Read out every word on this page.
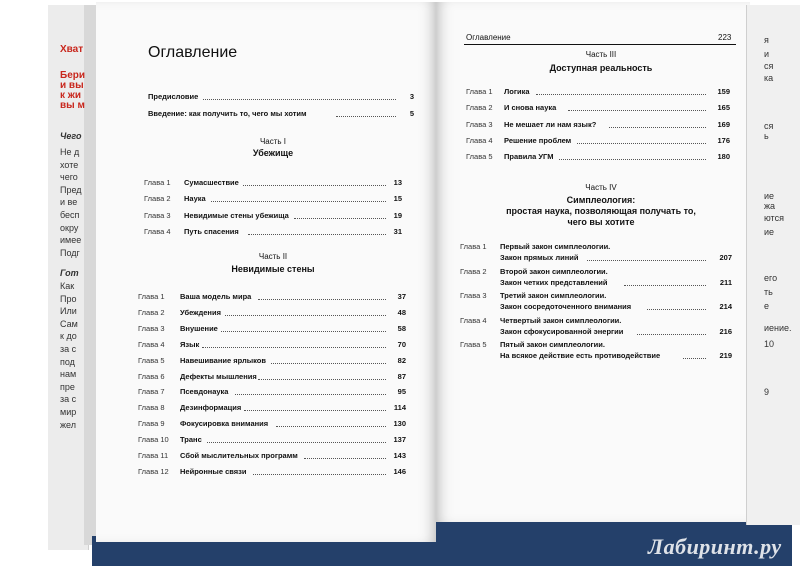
Лабиринт.ру
Хват
Бери
и вы
к жи
вы м
Чего
Не д
хоте
чего
Пред
и ве
бесп
окру
имее
Подг
Гот
Как
Про
Или
Сам
к до
за с
под
нам
пре
за с
мир
жел
я
и
ся
ка
ся
ь
ие
жа
ются
ие
его
ть
е
иение.
10
9
Оглавление
Предисловие	3
Введение: как получить то, чего мы хотим	5
Часть I
Убежище
Глава 1 Сумасшествие	13
Глава 2 Наука	15
Глава 3 Невидимые стены убежища	19
Глава 4 Путь спасения	31
Часть II
Невидимые стены
Глава 1 Ваша модель мира	37
Глава 2 Убеждения	48
Глава 3 Внушение	58
Глава 4 Язык	70
Глава 5 Навешивание ярлыков	82
Глава 6 Дефекты мышления	87
Глава 7 Псевдонаука	95
Глава 8 Дезинформация	114
Глава 9 Фокусировка внимания	130
Глава 10 Транс	137
Глава 11 Сбой мыслительных программ	143
Глава 12 Нейронные связи	146
Оглавление	223
Часть III
Доступная реальность
Глава 1 Логика	159
Глава 2 И снова наука	165
Глава 3 Не мешает ли нам язык?	169
Глава 4 Решение проблем	176
Глава 5 Правила УГМ	180
Часть IV
Симплеология:
простая наука, позволяющая получать то,
чего вы хотите
Глава 1 Первый закон симплеологии.
Закон прямых линий	207
Глава 2 Второй закон симплеологии.
Закон четких представлений	211
Глава 3 Третий закон симплеологии.
Закон сосредоточенного внимания	214
Глава 4 Четвертый закон симплеологии.
Закон сфокусированной энергии	216
Глава 5 Пятый закон симплеологии.
На всякое действие есть противодействие	219
